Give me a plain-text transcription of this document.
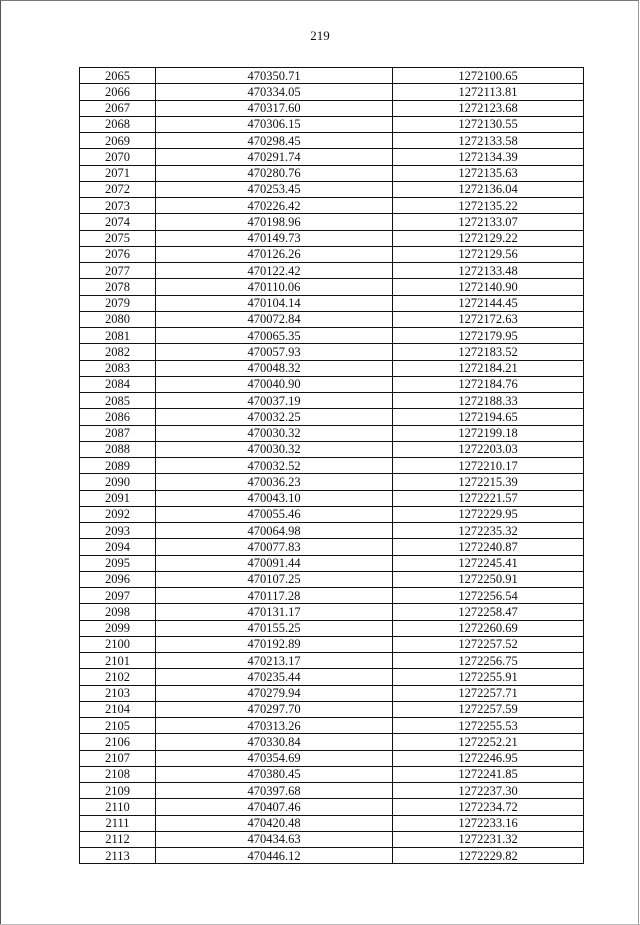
219
2065	470350.71	1272100.65
2066	470334.05	1272113.81
2067	470317.60	1272123.68
2068	470306.15	1272130.55
2069	470298.45	1272133.58
2070	470291.74	1272134.39
2071	470280.76	1272135.63
2072	470253.45	1272136.04
2073	470226.42	1272135.22
2074	470198.96	1272133.07
2075	470149.73	1272129.22
2076	470126.26	1272129.56
2077	470122.42	1272133.48
2078	470110.06	1272140.90
2079	470104.14	1272144.45
2080	470072.84	1272172.63
2081	470065.35	1272179.95
2082	470057.93	1272183.52
2083	470048.32	1272184.21
2084	470040.90	1272184.76
2085	470037.19	1272188.33
2086	470032.25	1272194.65
2087	470030.32	1272199.18
2088	470030.32	1272203.03
2089	470032.52	1272210.17
2090	470036.23	1272215.39
2091	470043.10	1272221.57
2092	470055.46	1272229.95
2093	470064.98	1272235.32
2094	470077.83	1272240.87
2095	470091.44	1272245.41
2096	470107.25	1272250.91
2097	470117.28	1272256.54
2098	470131.17	1272258.47
2099	470155.25	1272260.69
2100	470192.89	1272257.52
2101	470213.17	1272256.75
2102	470235.44	1272255.91
2103	470279.94	1272257.71
2104	470297.70	1272257.59
2105	470313.26	1272255.53
2106	470330.84	1272252.21
2107	470354.69	1272246.95
2108	470380.45	1272241.85
2109	470397.68	1272237.30
2110	470407.46	1272234.72
2111	470420.48	1272233.16
2112	470434.63	1272231.32
2113	470446.12	1272229.82
